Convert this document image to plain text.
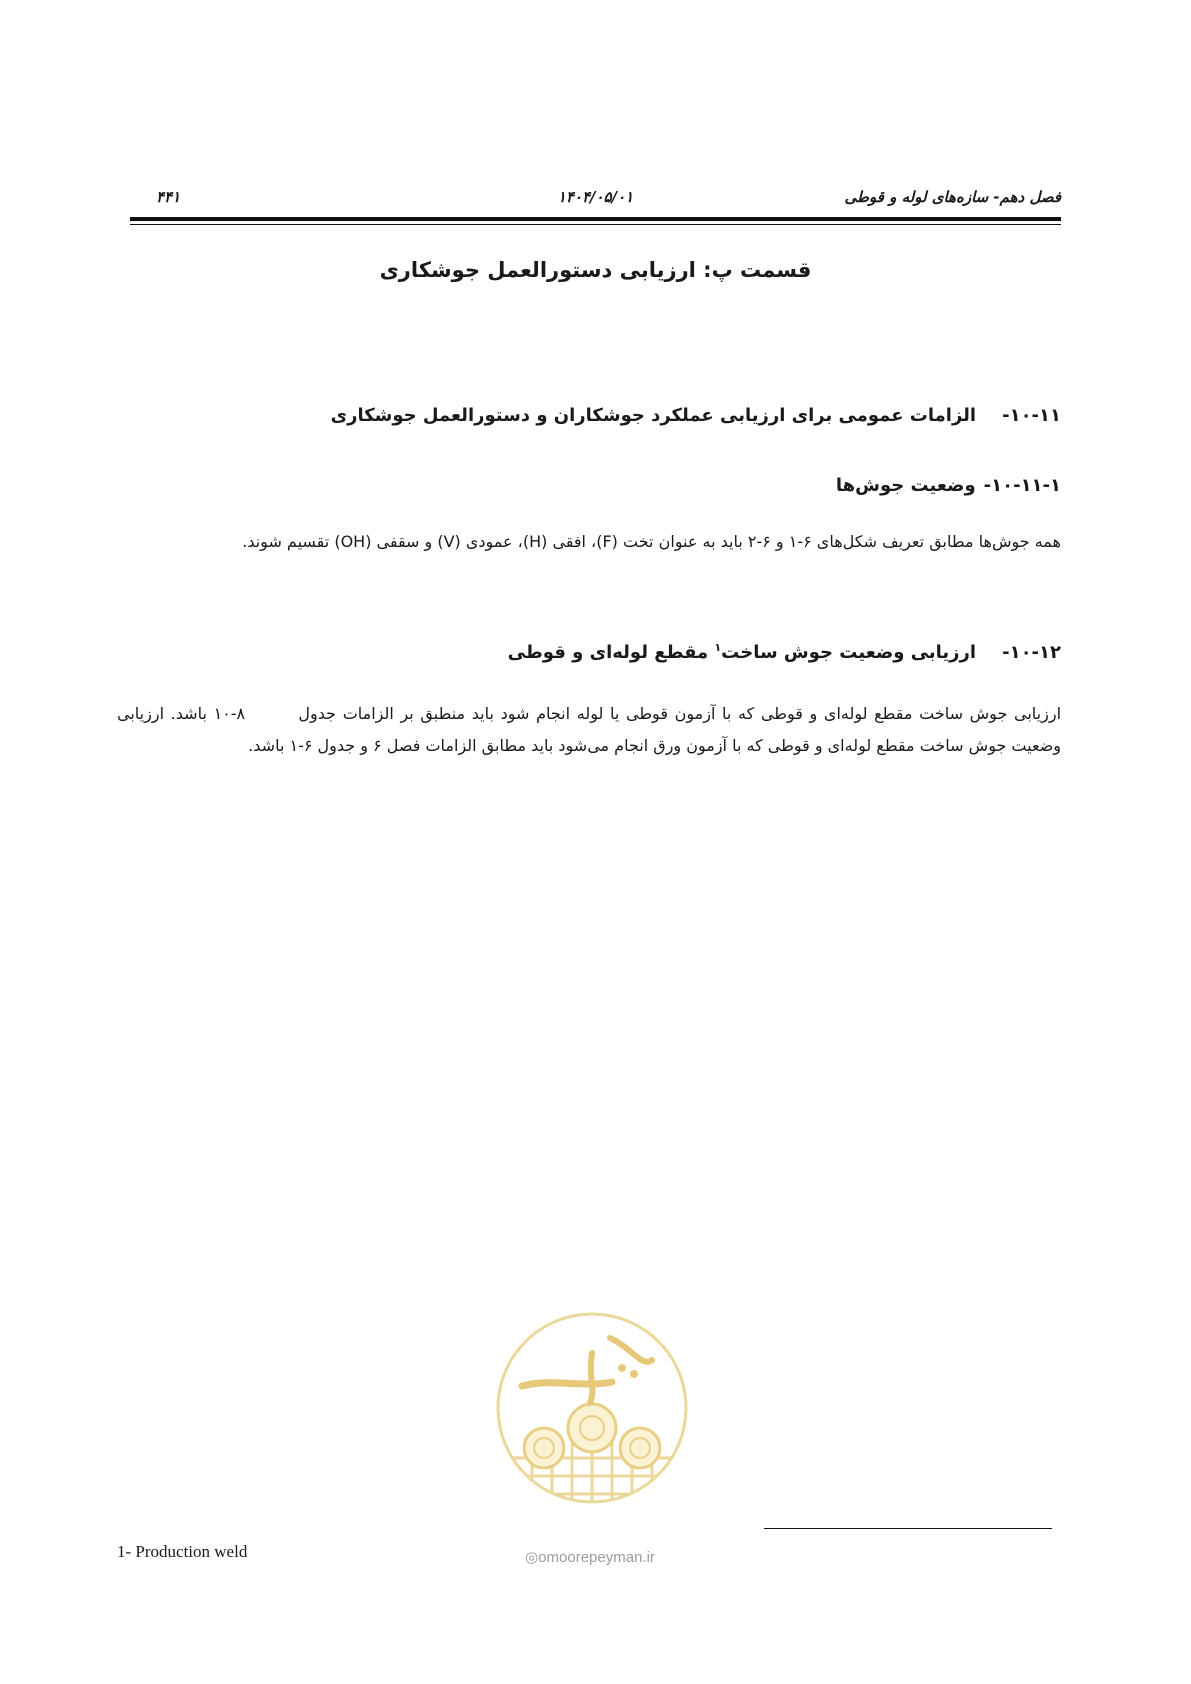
فصل دهم- سازه‌های لوله و قوطی
۱۴۰۴/۰۵/۰۱
۴۴۱
قسمت پ: ارزیابی دستورالعمل جوشکاری
۱۰-۱۱-الزامات عمومی برای ارزیابی عملکرد جوشکاران و دستورالعمل جوشکاری
۱۰-۱۱-۱-وضعیت جوش‌ها
همه جوش‌ها مطابق تعریف شکل‌های ۶-۱ و ۶-۲ باید به عنوان تخت (F)، افقی (H)، عمودی (V) و سقفی (OH) تقسیم شوند.
۱۰-۱۲-ارزیابی وضعیت جوش ساخت$^۱$ مقطع لوله‌ای و قوطی
ارزیابی جوش ساخت مقطع لوله‌ای و قوطی که با آزمون قوطی یا لوله انجام شود باید منطبق بر الزامات جدول        ۱۰-۸ باشد. ارزیابی وضعیت جوش ساخت مقطع لوله‌ای و قوطی که با آزمون ورق انجام می‌شود باید مطابق الزامات فصل ۶ و جدول ۶-۱ باشد.
◎omoorepeyman.ir
1- Production weld
